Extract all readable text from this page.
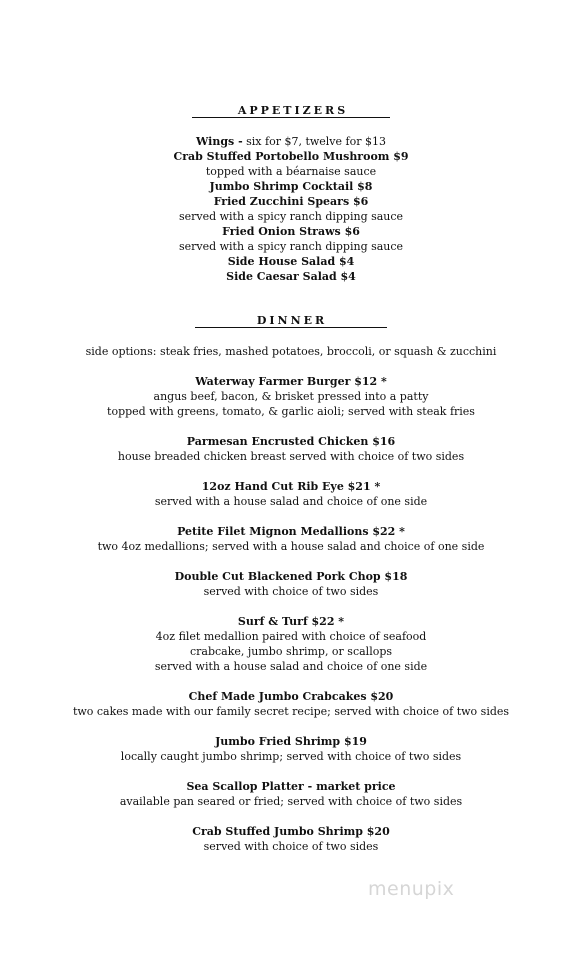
APPETIZERS
Wings - six for $7, twelve for $13
Crab Stuffed Portobello Mushroom $9
topped with a béarnaise sauce
Jumbo Shrimp Cocktail $8
Fried Zucchini Spears $6
served with a spicy ranch dipping sauce
Fried Onion Straws $6
served with a spicy ranch dipping sauce
Side House Salad $4
Side Caesar Salad $4
DINNER
side options: steak fries, mashed potatoes, broccoli, or squash & zucchini
Waterway Farmer Burger $12 *
angus beef, bacon, & brisket pressed into a patty
topped with greens, tomato, & garlic aioli; served with steak fries
Parmesan Encrusted Chicken $16
house breaded chicken breast served with choice of two sides
12oz Hand Cut Rib Eye $21 *
served with a house salad and choice of one side
Petite Filet Mignon Medallions $22 *
two 4oz medallions; served with a house salad and choice of one side
Double Cut Blackened Pork Chop $18
served with choice of two sides
Surf & Turf $22 *
4oz filet medallion paired with choice of seafood
crabcake, jumbo shrimp, or scallops
served with a house salad and choice of one side
Chef Made Jumbo Crabcakes $20
two cakes made with our family secret recipe; served with choice of two sides
Jumbo Fried Shrimp $19
locally caught jumbo shrimp; served with choice of two sides
Sea Scallop Platter - market price
available pan seared or fried; served with choice of two sides
Crab Stuffed Jumbo Shrimp $20
served with choice of two sides
menupix
